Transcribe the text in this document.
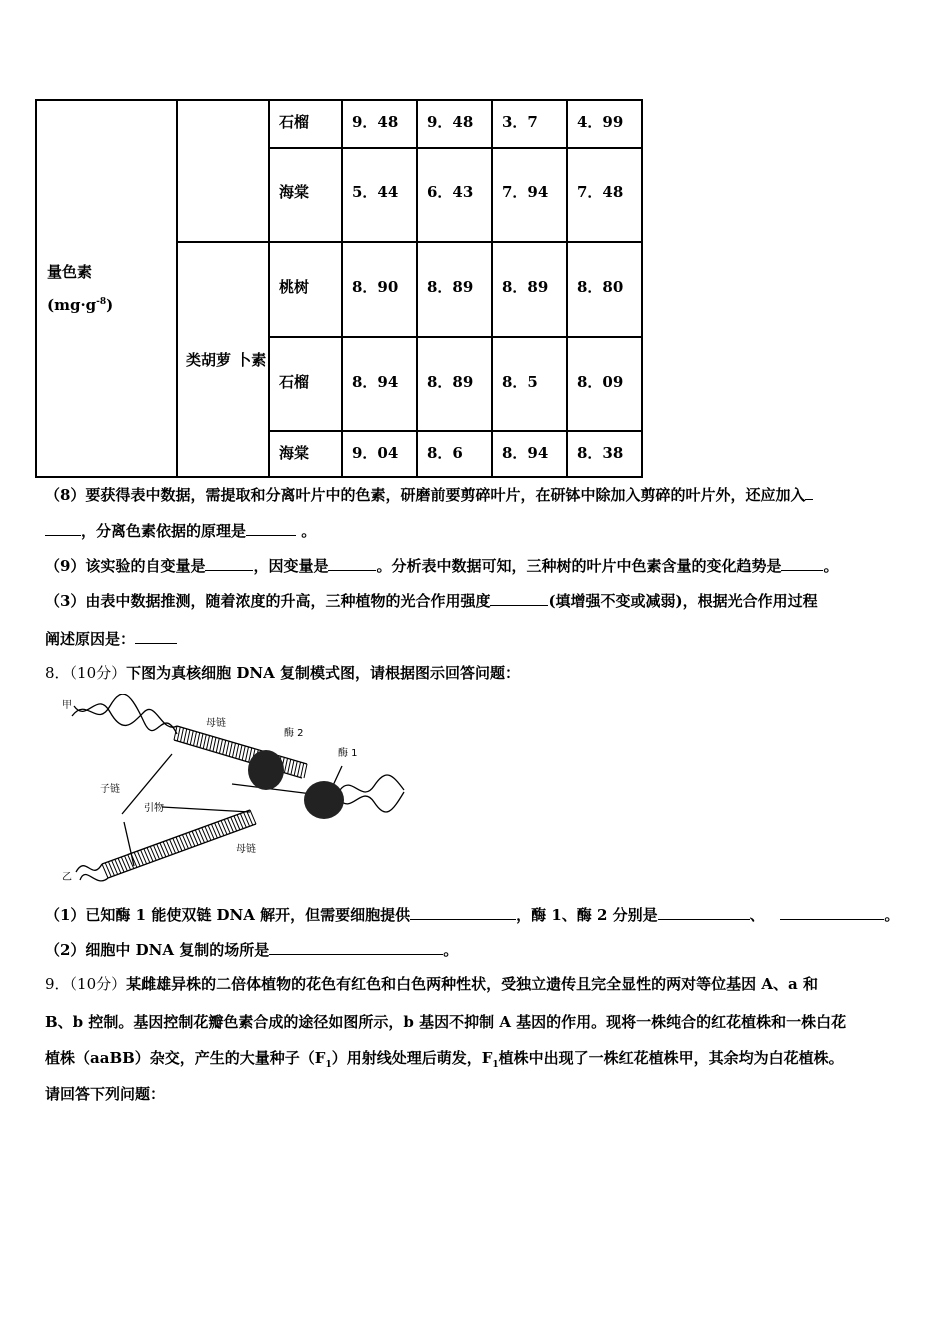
量色素
$(mg\cdot g^{-8})$		石榴	9．48	9．48	3．7	4．99
		海棠	5．44	6．43	7．94	7．48
	类胡萝 卜素	桃树	8．90	8．89	8．89	8．80
		石榴	8．94	8．89	8．5	8．09
		海棠	9．04	8．6	8．94	8．38
（8）要获得表中数据，需提取和分离叶片中的色素，研磨前要剪碎叶片，在研钵中除加入剪碎的叶片外，还应加入
，分离色素依据的原理是	。
（9）该实验的自变量是	，因变量是	。分析表中数据可知，三种树的叶片中色素含量的变化趋势是	。
（3）由表中数据推测，随着浓度的升高，三种植物的光合作用强度	(填增强不变或减弱)，根据光合作用过程
阐述原因是：
8．（10分）下图为真核细胞 DNA 复制模式图，请根据图示回答问题：
甲
乙
母链
母链
子链
引物
酶 1
酶 2
（1）已知酶 1 能使双链 DNA 解开，但需要细胞提供	，酶 1、酶 2 分别是	、	。
（2）细胞中 DNA 复制的场所是	。
9．（10分）某雌雄异株的二倍体植物的花色有红色和白色两种性状，受独立遗传且完全显性的两对等位基因 A、a 和
B、b 控制。基因控制花瓣色素合成的途径如图所示，b 基因不抑制 A 基因的作用。现将一株纯合的红花植株和一株白花
植株（aaBB）杂交，产生的大量种子$(F_1)$用射线处理后萌发，$F_1$植株中出现了一株红花植株甲，其余均为白花植株。
请回答下列问题：
